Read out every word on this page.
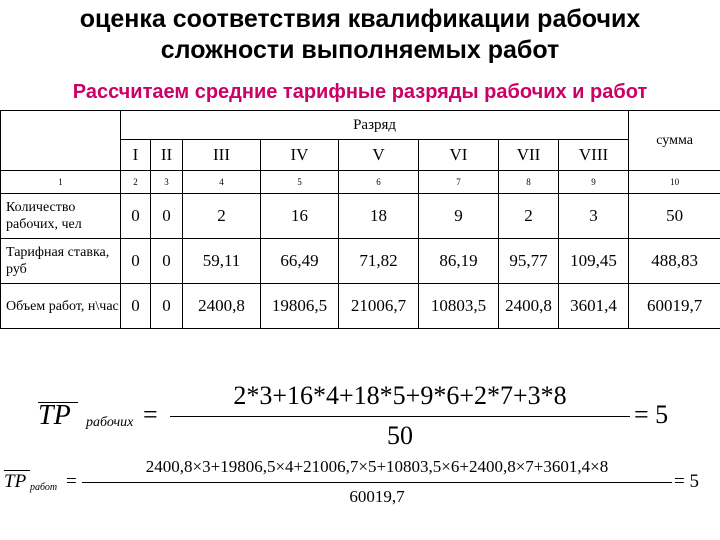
оценка соответствия квалификации рабочих
сложности выполняемых работ
Рассчитаем средние тарифные разряды рабочих и работ
	Разряд								сумма
	I	II	III	IV	V	VI	VII	VIII	
1	2	3	4	5	6	7	8	9	10
Количество рабочих, чел	0	0	2	16	18	9	2	3	50
Тарифная ставка, руб	0	0	59,11	66,49	71,82	86,19	95,77	109,45	488,83
Объем работ, н\час	0	0	2400,8	19806,5	21006,7	10803,5	2400,8	3601,4	60019,7
TP рабочих =
2*3+16*4+18*5+9*6+2*7+3*8
50
= 5
TP работ =
2400,8×3+19806,5×4+21006,7×5+10803,5×6+2400,8×7+3601,4×8
60019,7
= 5
